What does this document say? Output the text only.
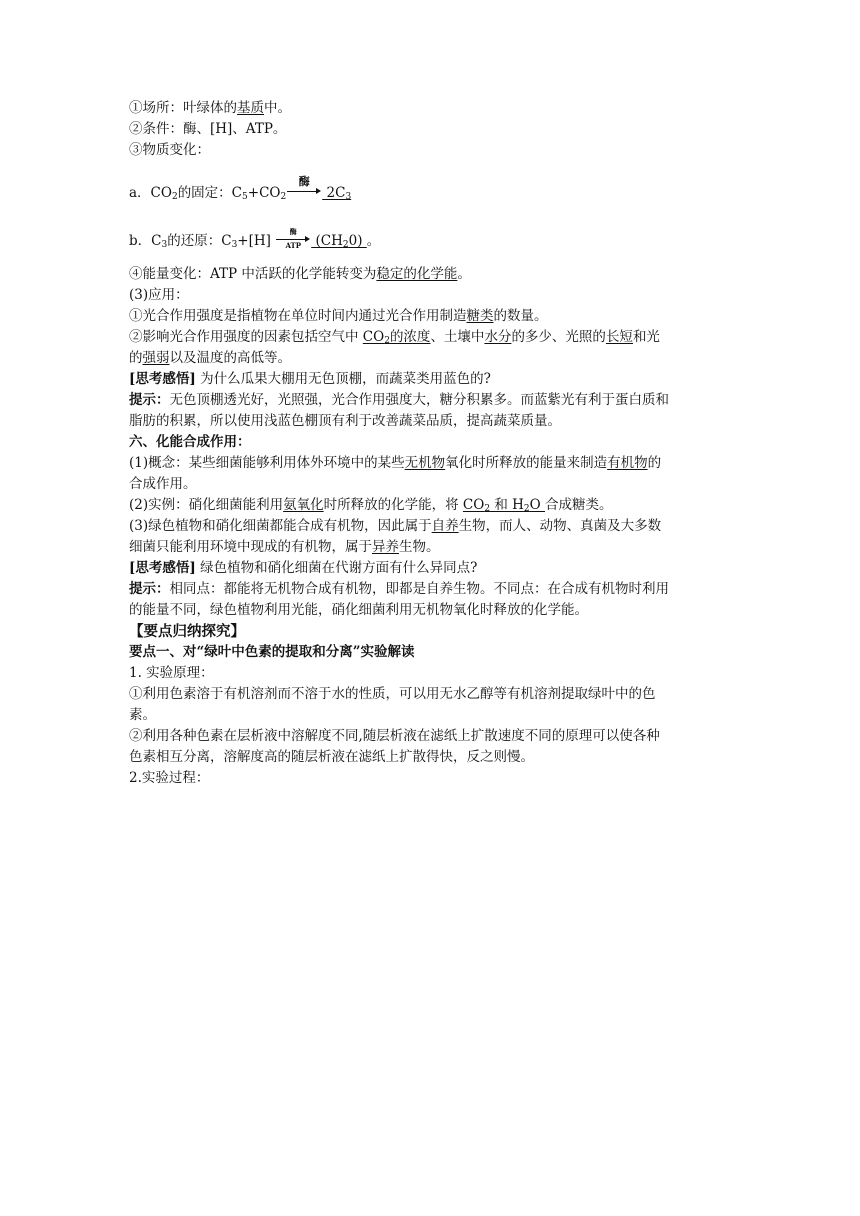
①场所：叶绿体的基质中。
②条件：酶、[H]、ATP。
③物质变化：
a．$CO_2$的固定：$C_5+CO_2$
酶
$2C_3$
b．$C_3$的还原：$C_3+[H]$
酶
ATP $(CH_20)$ 。
④能量变化：ATP 中活跃的化学能转变为稳定的化学能。
(3)应用：
①光合作用强度是指植物在单位时间内通过光合作用制造糖类的数量。
②影响光合作用强度的因素包括空气中 $CO_2$的浓度、土壤中水分的多少、光照的长短和光
的强弱以及温度的高低等。
[思考感悟] 为什么瓜果大棚用无色顶棚，而蔬菜类用蓝色的?
提示：无色顶棚透光好，光照强，光合作用强度大，糖分积累多。而蓝紫光有利于蛋白质和
脂肪的积累，所以使用浅蓝色棚顶有利于改善蔬菜品质，提高蔬菜质量。
六、化能合成作用：
(1)概念：某些细菌能够利用体外环境中的某些无机物氧化时所释放的能量来制造有机物的
合成作用。
(2)实例：硝化细菌能利用氨氧化时所释放的化学能，将 $CO_2$ 和 $H_2O$ 合成糖类。
(3)绿色植物和硝化细菌都能合成有机物，因此属于自养生物，而人、动物、真菌及大多数
细菌只能利用环境中现成的有机物，属于异养生物。
[思考感悟] 绿色植物和硝化细菌在代谢方面有什么异同点?
提示：相同点：都能将无机物合成有机物，即都是自养生物。不同点：在合成有机物时利用
的能量不同，绿色植物利用光能，硝化细菌利用无机物氧化时释放的化学能。
【要点归纳探究】
要点一、对“绿叶中色素的提取和分离”实验解读
1. 实验原理：
①利用色素溶于有机溶剂而不溶于水的性质，可以用无水乙醇等有机溶剂提取绿叶中的色
素。
②利用各种色素在层析液中溶解度不同,随层析液在滤纸上扩散速度不同的原理可以使各种
色素相互分离，溶解度高的随层析液在滤纸上扩散得快，反之则慢。
2.实验过程：
